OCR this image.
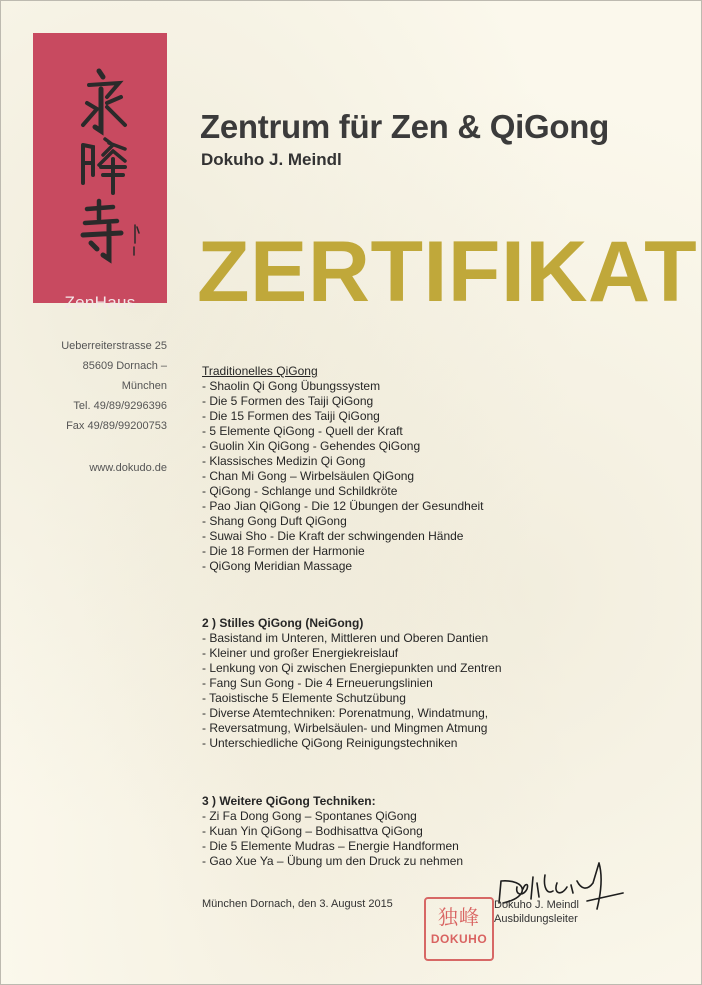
ZenHaus
Zentrum für Zen & QiGong
Dokuho J. Meindl
ZERTIFIKAT
Ueberreiterstrasse 25
85609 Dornach – München
Tel. 49/89/9296396
Fax 49/89/99200753
www.dokudo.de
Traditionelles QiGong
- Shaolin Qi Gong Übungssystem
- Die 5 Formen des Taiji QiGong
- Die 15 Formen des Taiji QiGong
- 5 Elemente QiGong - Quell der Kraft
- Guolin Xin QiGong - Gehendes QiGong
- Klassisches Medizin Qi Gong
- Chan Mi Gong – Wirbelsäulen QiGong
- QiGong - Schlange und Schildkröte
- Pao Jian QiGong - Die 12 Übungen der Gesundheit
- Shang Gong Duft QiGong
- Suwai Sho - Die Kraft der schwingenden Hände
- Die 18 Formen der Harmonie
- QiGong Meridian Massage
2 ) Stilles QiGong (NeiGong)
- Basistand im Unteren, Mittleren und Oberen Dantien
- Kleiner und großer Energiekreislauf
- Lenkung von Qi zwischen Energiepunkten und Zentren
- Fang Sun Gong - Die 4 Erneuerungslinien
- Taoistische 5 Elemente Schutzübung
- Diverse Atemtechniken: Porenatmung, Windatmung,
- Reversatmung, Wirbelsäulen- und Mingmen Atmung
- Unterschiedliche QiGong Reinigungstechniken
3 ) Weitere QiGong Techniken:
- Zi Fa Dong Gong – Spontanes QiGong
- Kuan Yin QiGong – Bodhisattva QiGong
- Die 5 Elemente Mudras – Energie Handformen
- Gao Xue Ya – Übung um den Druck zu nehmen
München Dornach, den 3. August 2015
独峰
DOKUHO
Dokuho J. Meindl
Ausbildungsleiter
